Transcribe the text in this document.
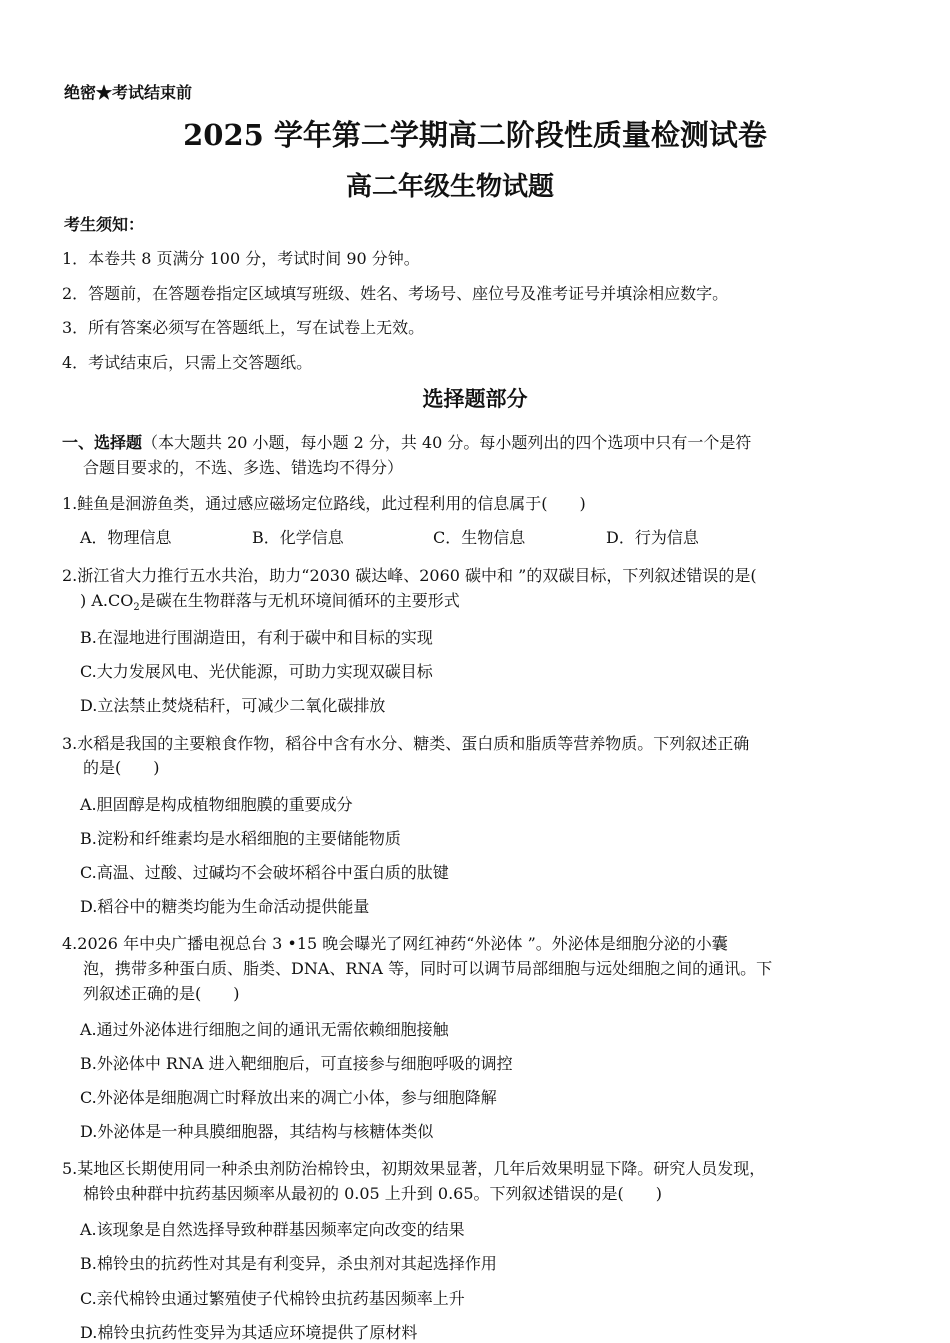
绝密★考试结束前
2025 学年第二学期高二阶段性质量检测试卷
高二年级生物试题
考生须知：
1．本卷共 8 页满分 100 分，考试时间 90 分钟。
2．答题前，在答题卷指定区域填写班级、姓名、考场号、座位号及准考证号并填涂相应数字。
3．所有答案必须写在答题纸上，写在试卷上无效。
4．考试结束后，只需上交答题纸。
选择题部分
一、选择题（本大题共 20 小题，每小题 2 分，共 40 分。每小题列出的四个选项中只有一个是符
合题目要求的，不选、多选、错选均不得分）
1.鲑鱼是洄游鱼类，通过感应磁场定位路线，此过程利用的信息属于(　　)
A．物理信息	B．化学信息	C．生物信息	D．行为信息
2.浙江省大力推行五水共治，助力“2030 碳达峰、2060 碳中和 ”的双碳目标，下列叙述错误的是(
) $A.CO_2$是碳在生物群落与无机环境间循环的主要形式
B.在湿地进行围湖造田，有利于碳中和目标的实现
C.大力发展风电、光伏能源，可助力实现双碳目标
D.立法禁止焚烧秸秆，可减少二氧化碳排放
3.水稻是我国的主要粮食作物，稻谷中含有水分、糖类、蛋白质和脂质等营养物质。下列叙述正确
的是(　　)
A.胆固醇是构成植物细胞膜的重要成分
B.淀粉和纤维素均是水稻细胞的主要储能物质
C.高温、过酸、过碱均不会破坏稻谷中蛋白质的肽键
D.稻谷中的糖类均能为生命活动提供能量
4.2026 年中央广播电视总台 3 •15 晚会曝光了网红神药“外泌体 ”。外泌体是细胞分泌的小囊
泡，携带多种蛋白质、脂类、DNA、RNA 等，同时可以调节局部细胞与远处细胞之间的通讯。下
列叙述正确的是(　　)
A.通过外泌体进行细胞之间的通讯无需依赖细胞接触
B.外泌体中 RNA 进入靶细胞后，可直接参与细胞呼吸的调控
C.外泌体是细胞凋亡时释放出来的凋亡小体，参与细胞降解
D.外泌体是一种具膜细胞器，其结构与核糖体类似
5.某地区长期使用同一种杀虫剂防治棉铃虫，初期效果显著，几年后效果明显下降。研究人员发现，
棉铃虫种群中抗药基因频率从最初的 0.05 上升到 0.65。下列叙述错误的是(　　)
A.该现象是自然选择导致种群基因频率定向改变的结果
B.棉铃虫的抗药性对其是有利变异，杀虫剂对其起选择作用
C.亲代棉铃虫通过繁殖使子代棉铃虫抗药基因频率上升
D.棉铃虫抗药性变异为其适应环境提供了原材料
